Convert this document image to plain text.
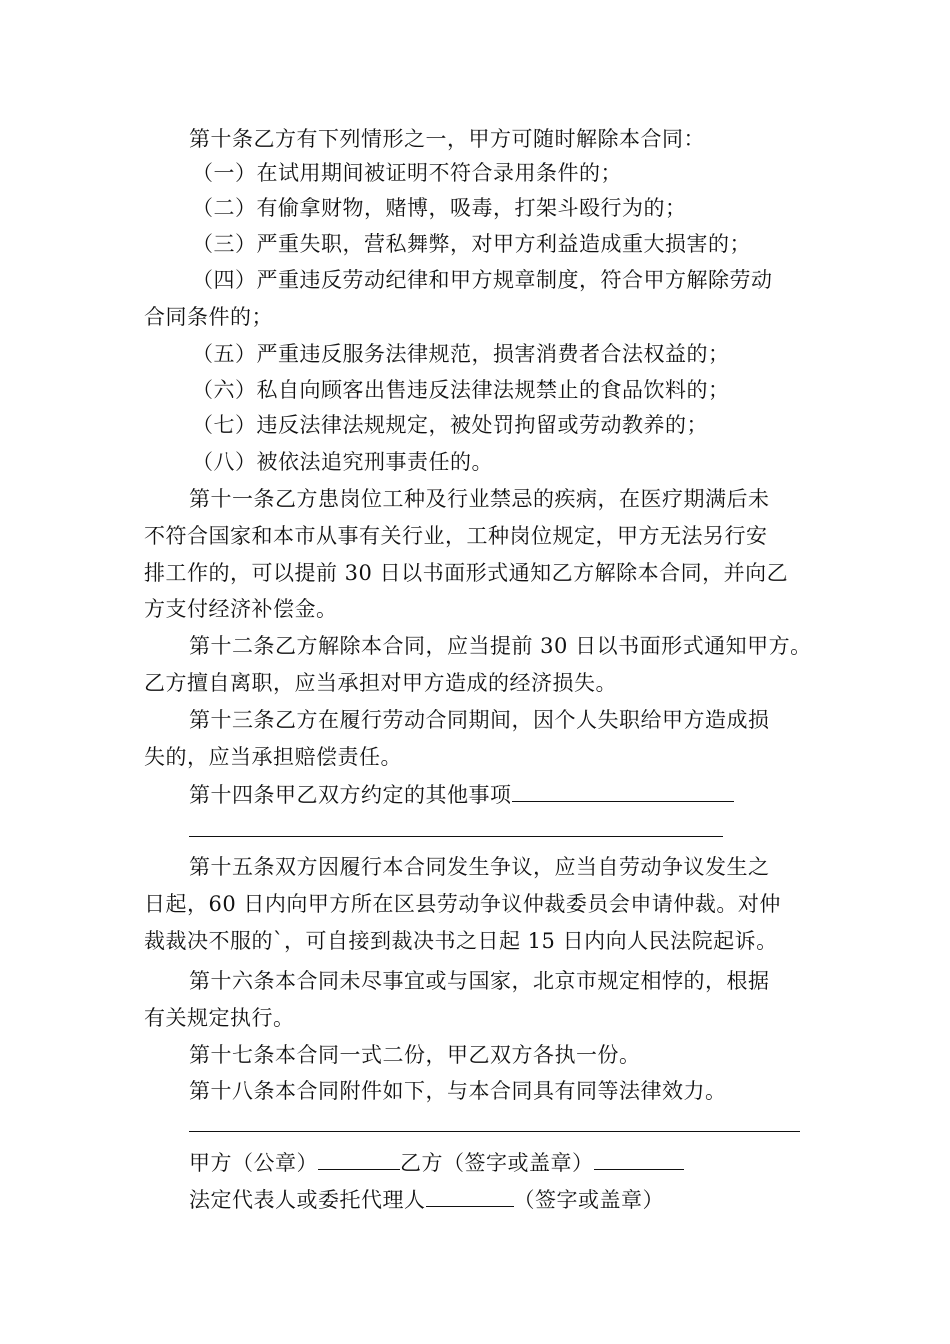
第十条乙方有下列情形之一，甲方可随时解除本合同：
（一）在试用期间被证明不符合录用条件的；
（二）有偷拿财物，赌博，吸毒，打架斗殴行为的；
（三）严重失职，营私舞弊，对甲方利益造成重大损害的；
（四）严重违反劳动纪律和甲方规章制度，符合甲方解除劳动
合同条件的；
（五）严重违反服务法律规范，损害消费者合法权益的；
（六）私自向顾客出售违反法律法规禁止的食品饮料的；
（七）违反法律法规规定，被处罚拘留或劳动教养的；
（八）被依法追究刑事责任的。
第十一条乙方患岗位工种及行业禁忌的疾病，在医疗期满后未
不符合国家和本市从事有关行业，工种岗位规定，甲方无法另行安
排工作的，可以提前 30 日以书面形式通知乙方解除本合同，并向乙
方支付经济补偿金。
第十二条乙方解除本合同，应当提前 30 日以书面形式通知甲方。
乙方擅自离职，应当承担对甲方造成的经济损失。
第十三条乙方在履行劳动合同期间，因个人失职给甲方造成损
失的，应当承担赔偿责任。
第十四条甲乙双方约定的其他事项
第十五条双方因履行本合同发生争议，应当自劳动争议发生之
日起，60 日内向甲方所在区县劳动争议仲裁委员会申请仲裁。对仲
裁裁决不服的`，可自接到裁决书之日起 15 日内向人民法院起诉。
第十六条本合同未尽事宜或与国家，北京市规定相悖的，根据
有关规定执行。
第十七条本合同一式二份，甲乙双方各执一份。
第十八条本合同附件如下，与本合同具有同等法律效力。
甲方（公章）	乙方（签字或盖章）
法定代表人或委托代理人	（签字或盖章）
